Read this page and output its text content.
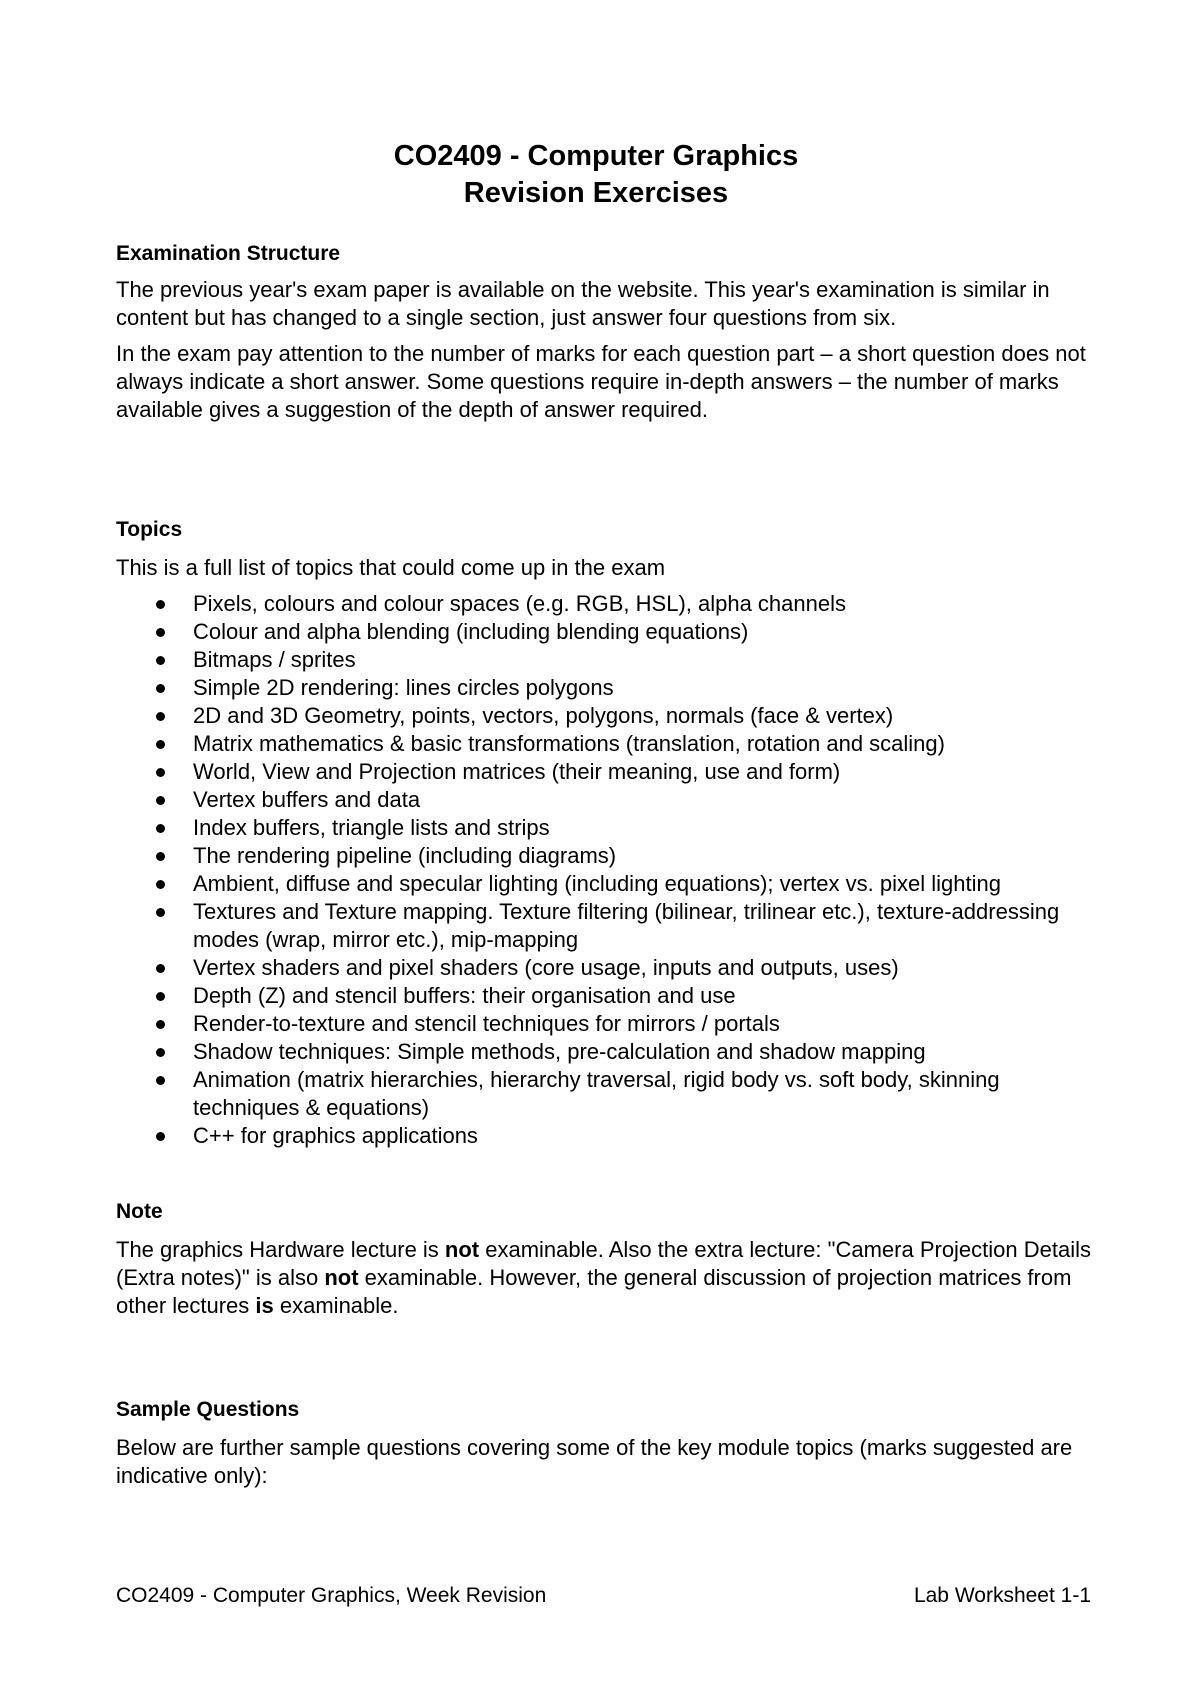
CO2409 - Computer Graphics
Revision Exercises
Examination Structure

The previous year's exam paper is available on the website. This year's examination is similar in content but has changed to a single section, just answer four questions from six.

In the exam pay attention to the number of marks for each question part – a short question does not always indicate a short answer. Some questions require in-depth answers – the number of marks available gives a suggestion of the depth of answer required.

Topics

This is a full list of topics that could come up in the exam

Pixels, colours and colour spaces (e.g. RGB, HSL), alpha channels
Colour and alpha blending (including blending equations)
Bitmaps / sprites
Simple 2D rendering: lines circles polygons
2D and 3D Geometry, points, vectors, polygons, normals (face & vertex)
Matrix mathematics & basic transformations (translation, rotation and scaling)
World, View and Projection matrices (their meaning, use and form)
Vertex buffers and data
Index buffers, triangle lists and strips
The rendering pipeline (including diagrams)
Ambient, diffuse and specular lighting (including equations); vertex vs. pixel lighting
Textures and Texture mapping. Texture filtering (bilinear, trilinear etc.), texture-addressing modes (wrap, mirror etc.), mip-mapping
Vertex shaders and pixel shaders (core usage, inputs and outputs, uses)
Depth (Z) and stencil buffers: their organisation and use
Render-to-texture and stencil techniques for mirrors / portals
Shadow techniques: Simple methods, pre-calculation and shadow mapping
Animation (matrix hierarchies, hierarchy traversal, rigid body vs. soft body, skinning techniques & equations)
C++ for graphics applications
Note

The graphics Hardware lecture is not examinable. Also the extra lecture: "Camera Projection Details (Extra notes)" is also not examinable. However, the general discussion of projection matrices from other lectures is examinable.

Sample Questions

Below are further sample questions covering some of the key module topics (marks suggested are indicative only):

CO2409 - Computer Graphics, Week Revision	Lab Worksheet 1-1
